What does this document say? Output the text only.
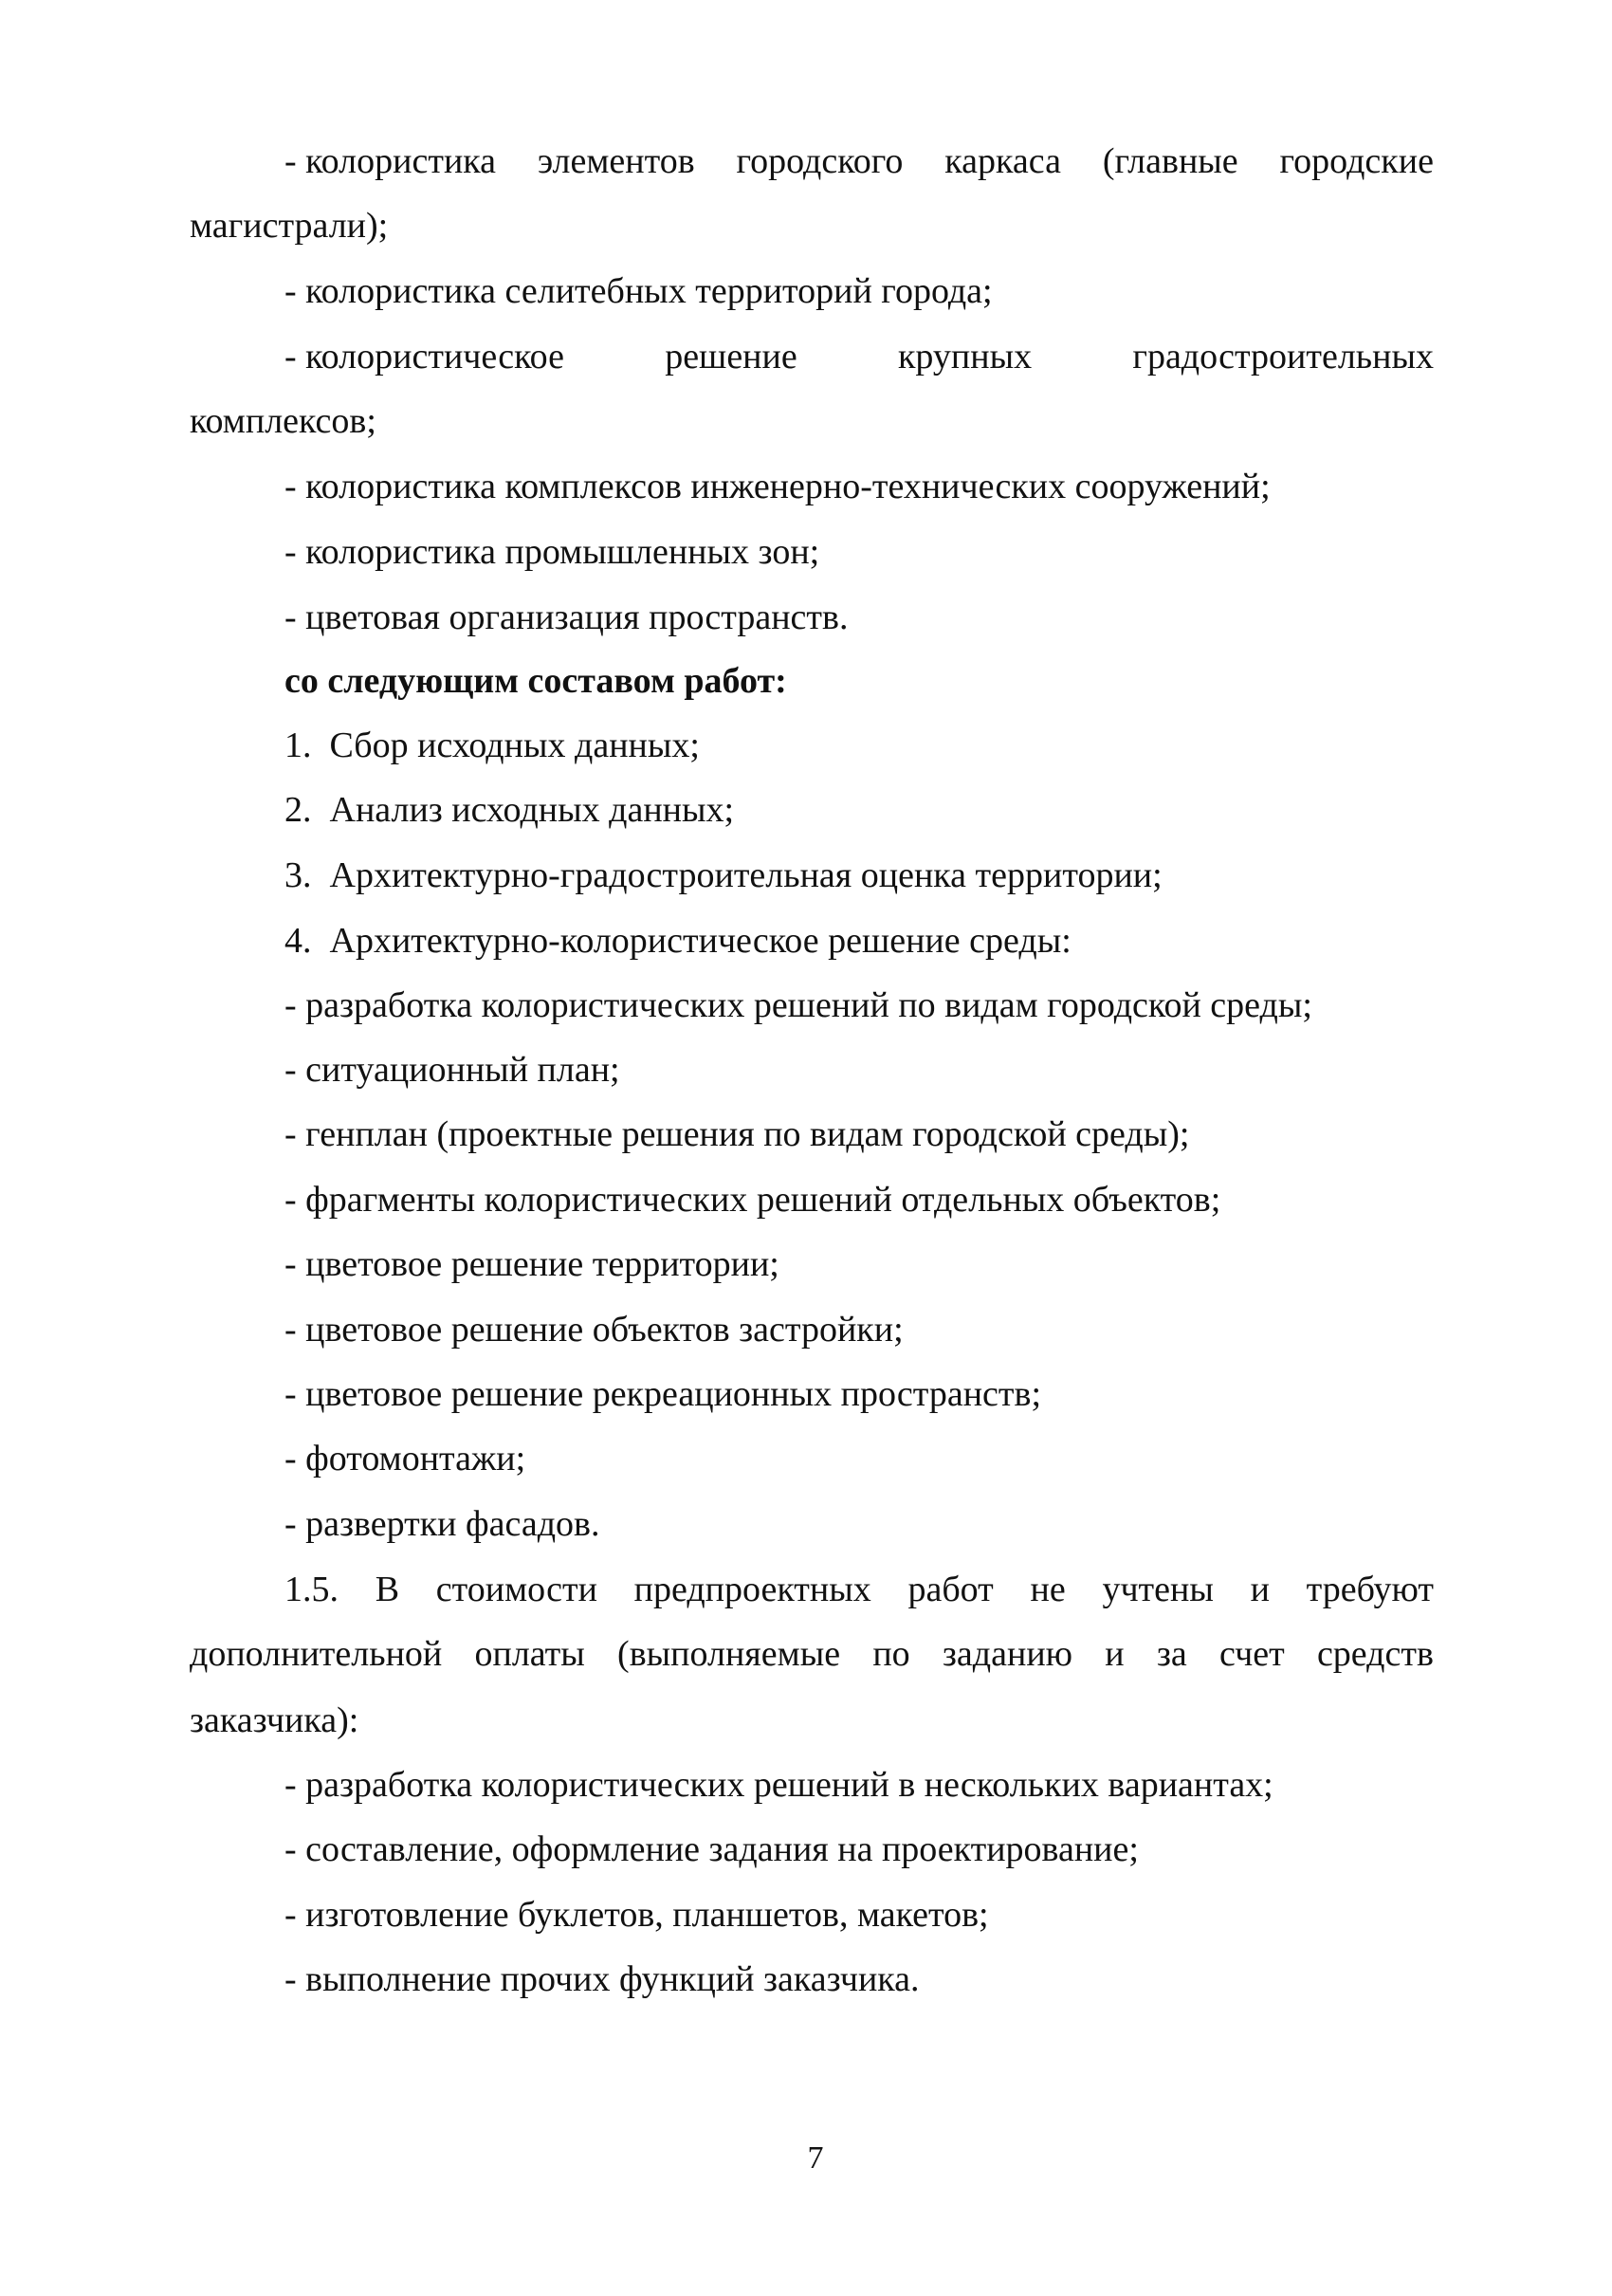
- колористика элементов городского каркаса (главные городские
магистрали);
- колористика селитебных территорий города;
- колористическое	решение	крупных	градостроительных
комплексов;
- колористика комплексов инженерно-технических сооружений;
- колористика промышленных зон;
- цветовая организация пространств.
со следующим составом работ:
1.  Сбор исходных данных;
2.  Анализ исходных данных;
3.  Архитектурно-градостроительная оценка территории;
4.  Архитектурно-колористическое решение среды:
- разработка колористических решений по видам городской среды;
- ситуационный план;
- генплан (проектные решения по видам городской среды);
- фрагменты колористических решений отдельных объектов;
- цветовое решение территории;
- цветовое решение объектов застройки;
- цветовое решение рекреационных пространств;
- фотомонтажи;
- развертки фасадов.
1.5. В стоимости предпроектных работ не учтены и требуют
дополнительной оплаты (выполняемые по заданию и за счет средств
заказчика):
- разработка колористических решений в нескольких вариантах;
- составление, оформление задания на проектирование;
- изготовление буклетов, планшетов, макетов;
- выполнение прочих функций заказчика.
7
